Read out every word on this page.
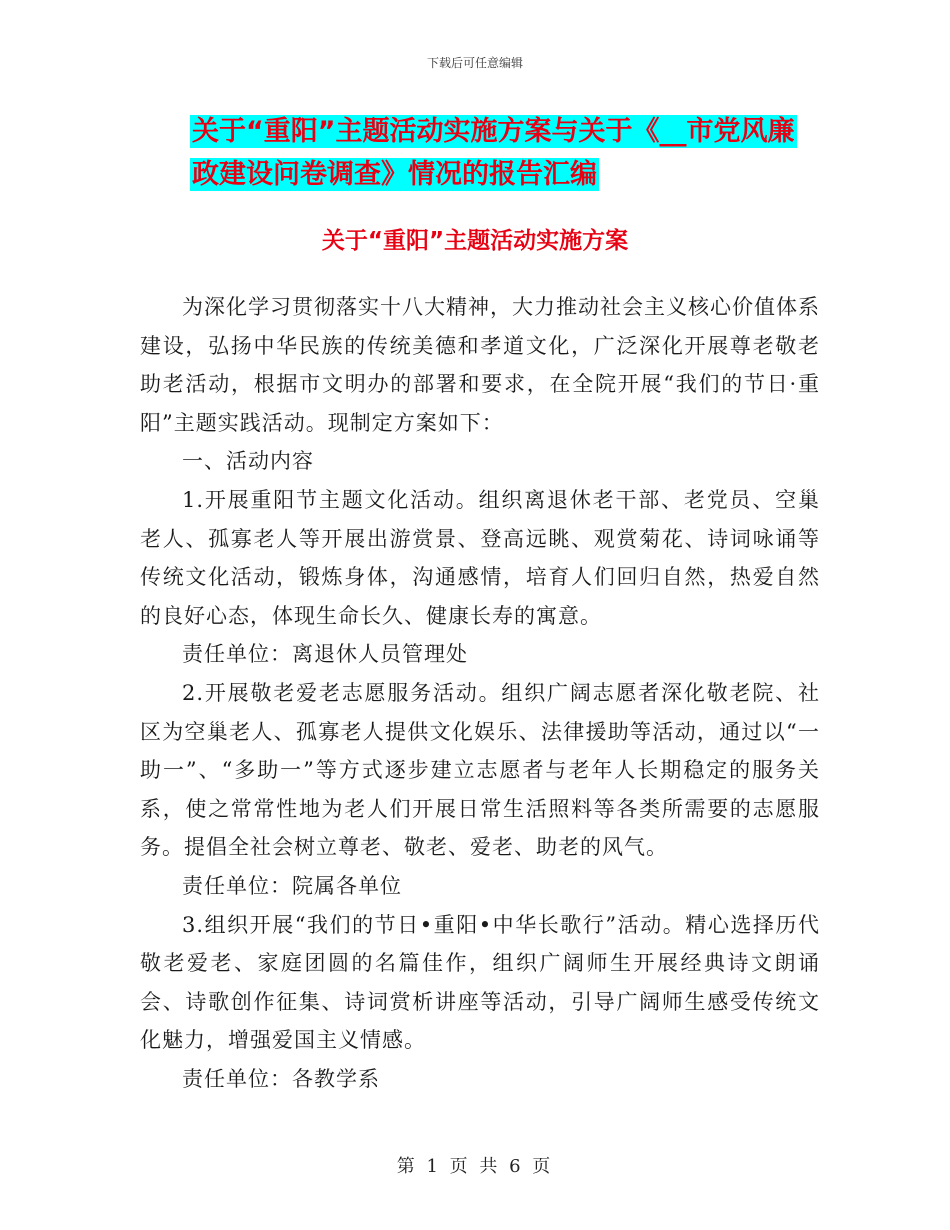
下载后可任意编辑
关于“重阳”主题活动实施方案与关于《__市党风廉
政建设问卷调查》情况的报告汇编
关于“重阳”主题活动实施方案

为深化学习贯彻落实十八大精神，大力推动社会主义核心价值体系建设，弘扬中华民族的传统美德和孝道文化，广泛深化开展尊老敬老助老活动，根据市文明办的部署和要求，在全院开展“我们的节日·重阳”主题实践活动。现制定方案如下：

一、活动内容

1.开展重阳节主题文化活动。组织离退休老干部、老党员、空巢老人、孤寡老人等开展出游赏景、登高远眺、观赏菊花、诗词咏诵等传统文化活动，锻炼身体，沟通感情，培育人们回归自然，热爱自然的良好心态，体现生命长久、健康长寿的寓意。

责任单位：离退休人员管理处

2.开展敬老爱老志愿服务活动。组织广阔志愿者深化敬老院、社区为空巢老人、孤寡老人提供文化娱乐、法律援助等活动，通过以“一助一”、“多助一”等方式逐步建立志愿者与老年人长期稳定的服务关系，使之常常性地为老人们开展日常生活照料等各类所需要的志愿服务。提倡全社会树立尊老、敬老、爱老、助老的风气。

责任单位：院属各单位

3.组织开展“我们的节日•重阳•中华长歌行”活动。精心选择历代敬老爱老、家庭团圆的名篇佳作，组织广阔师生开展经典诗文朗诵会、诗歌创作征集、诗词赏析讲座等活动，引导广阔师生感受传统文化魅力，增强爱国主义情感。

责任单位：各教学系

第 1 页 共 6 页
